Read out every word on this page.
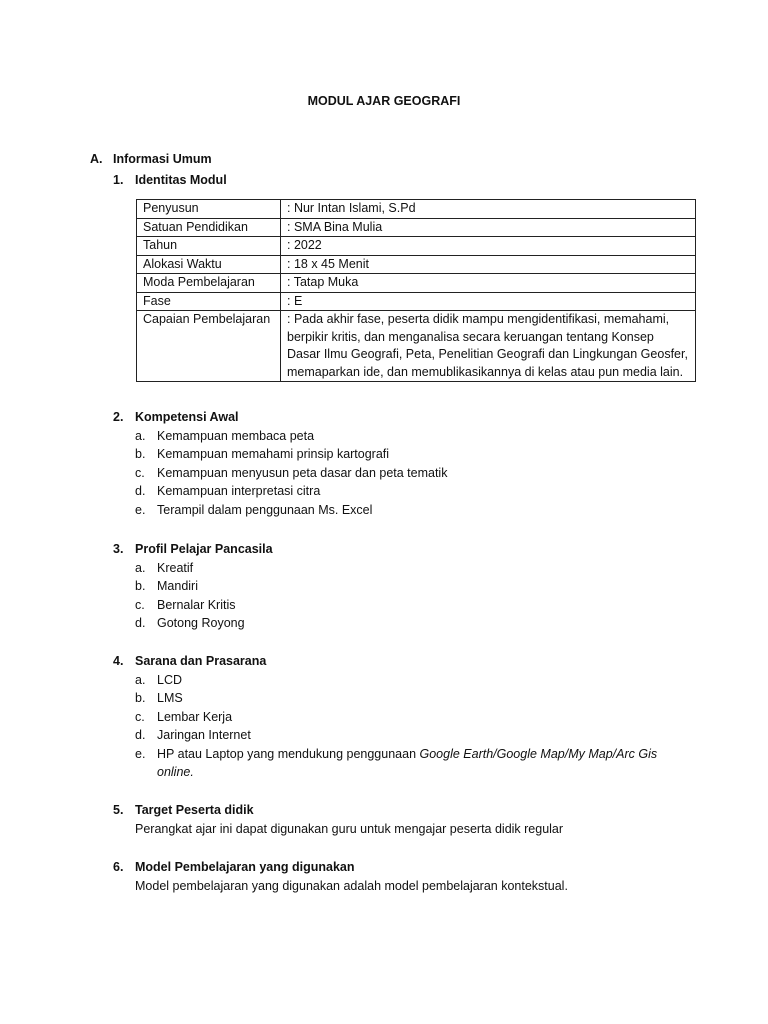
MODUL AJAR GEOGRAFI
A. Informasi Umum
1. Identitas Modul
Penyusun	: Nur Intan Islami, S.Pd
Satuan Pendidikan	: SMA Bina Mulia
Tahun	: 2022
Alokasi Waktu	: 18 x 45 Menit
Moda Pembelajaran	: Tatap Muka
Fase	: E
Capaian Pembelajaran	: Pada akhir fase, peserta didik mampu mengidentifikasi, memahami, berpikir kritis, dan menganalisa secara keruangan tentang Konsep Dasar Ilmu Geografi, Peta, Penelitian Geografi dan Lingkungan Geosfer, memaparkan ide, dan memublikasikannya di kelas atau pun media lain.
2. Kompetensi Awal
a. Kemampuan membaca peta
b. Kemampuan memahami prinsip kartografi
c. Kemampuan menyusun peta dasar dan peta tematik
d. Kemampuan interpretasi citra
e. Terampil dalam penggunaan Ms. Excel
3. Profil Pelajar Pancasila
a. Kreatif
b. Mandiri
c. Bernalar Kritis
d. Gotong Royong
4. Sarana dan Prasarana
a. LCD
b. LMS
c. Lembar Kerja
d. Jaringan Internet
e. HP atau Laptop yang mendukung penggunaan Google Earth/Google Map/My Map/Arc Gis online.
5. Target Peserta didik
Perangkat ajar ini dapat digunakan guru untuk mengajar peserta didik regular
6. Model Pembelajaran yang digunakan
Model pembelajaran yang digunakan adalah model pembelajaran kontekstual.
